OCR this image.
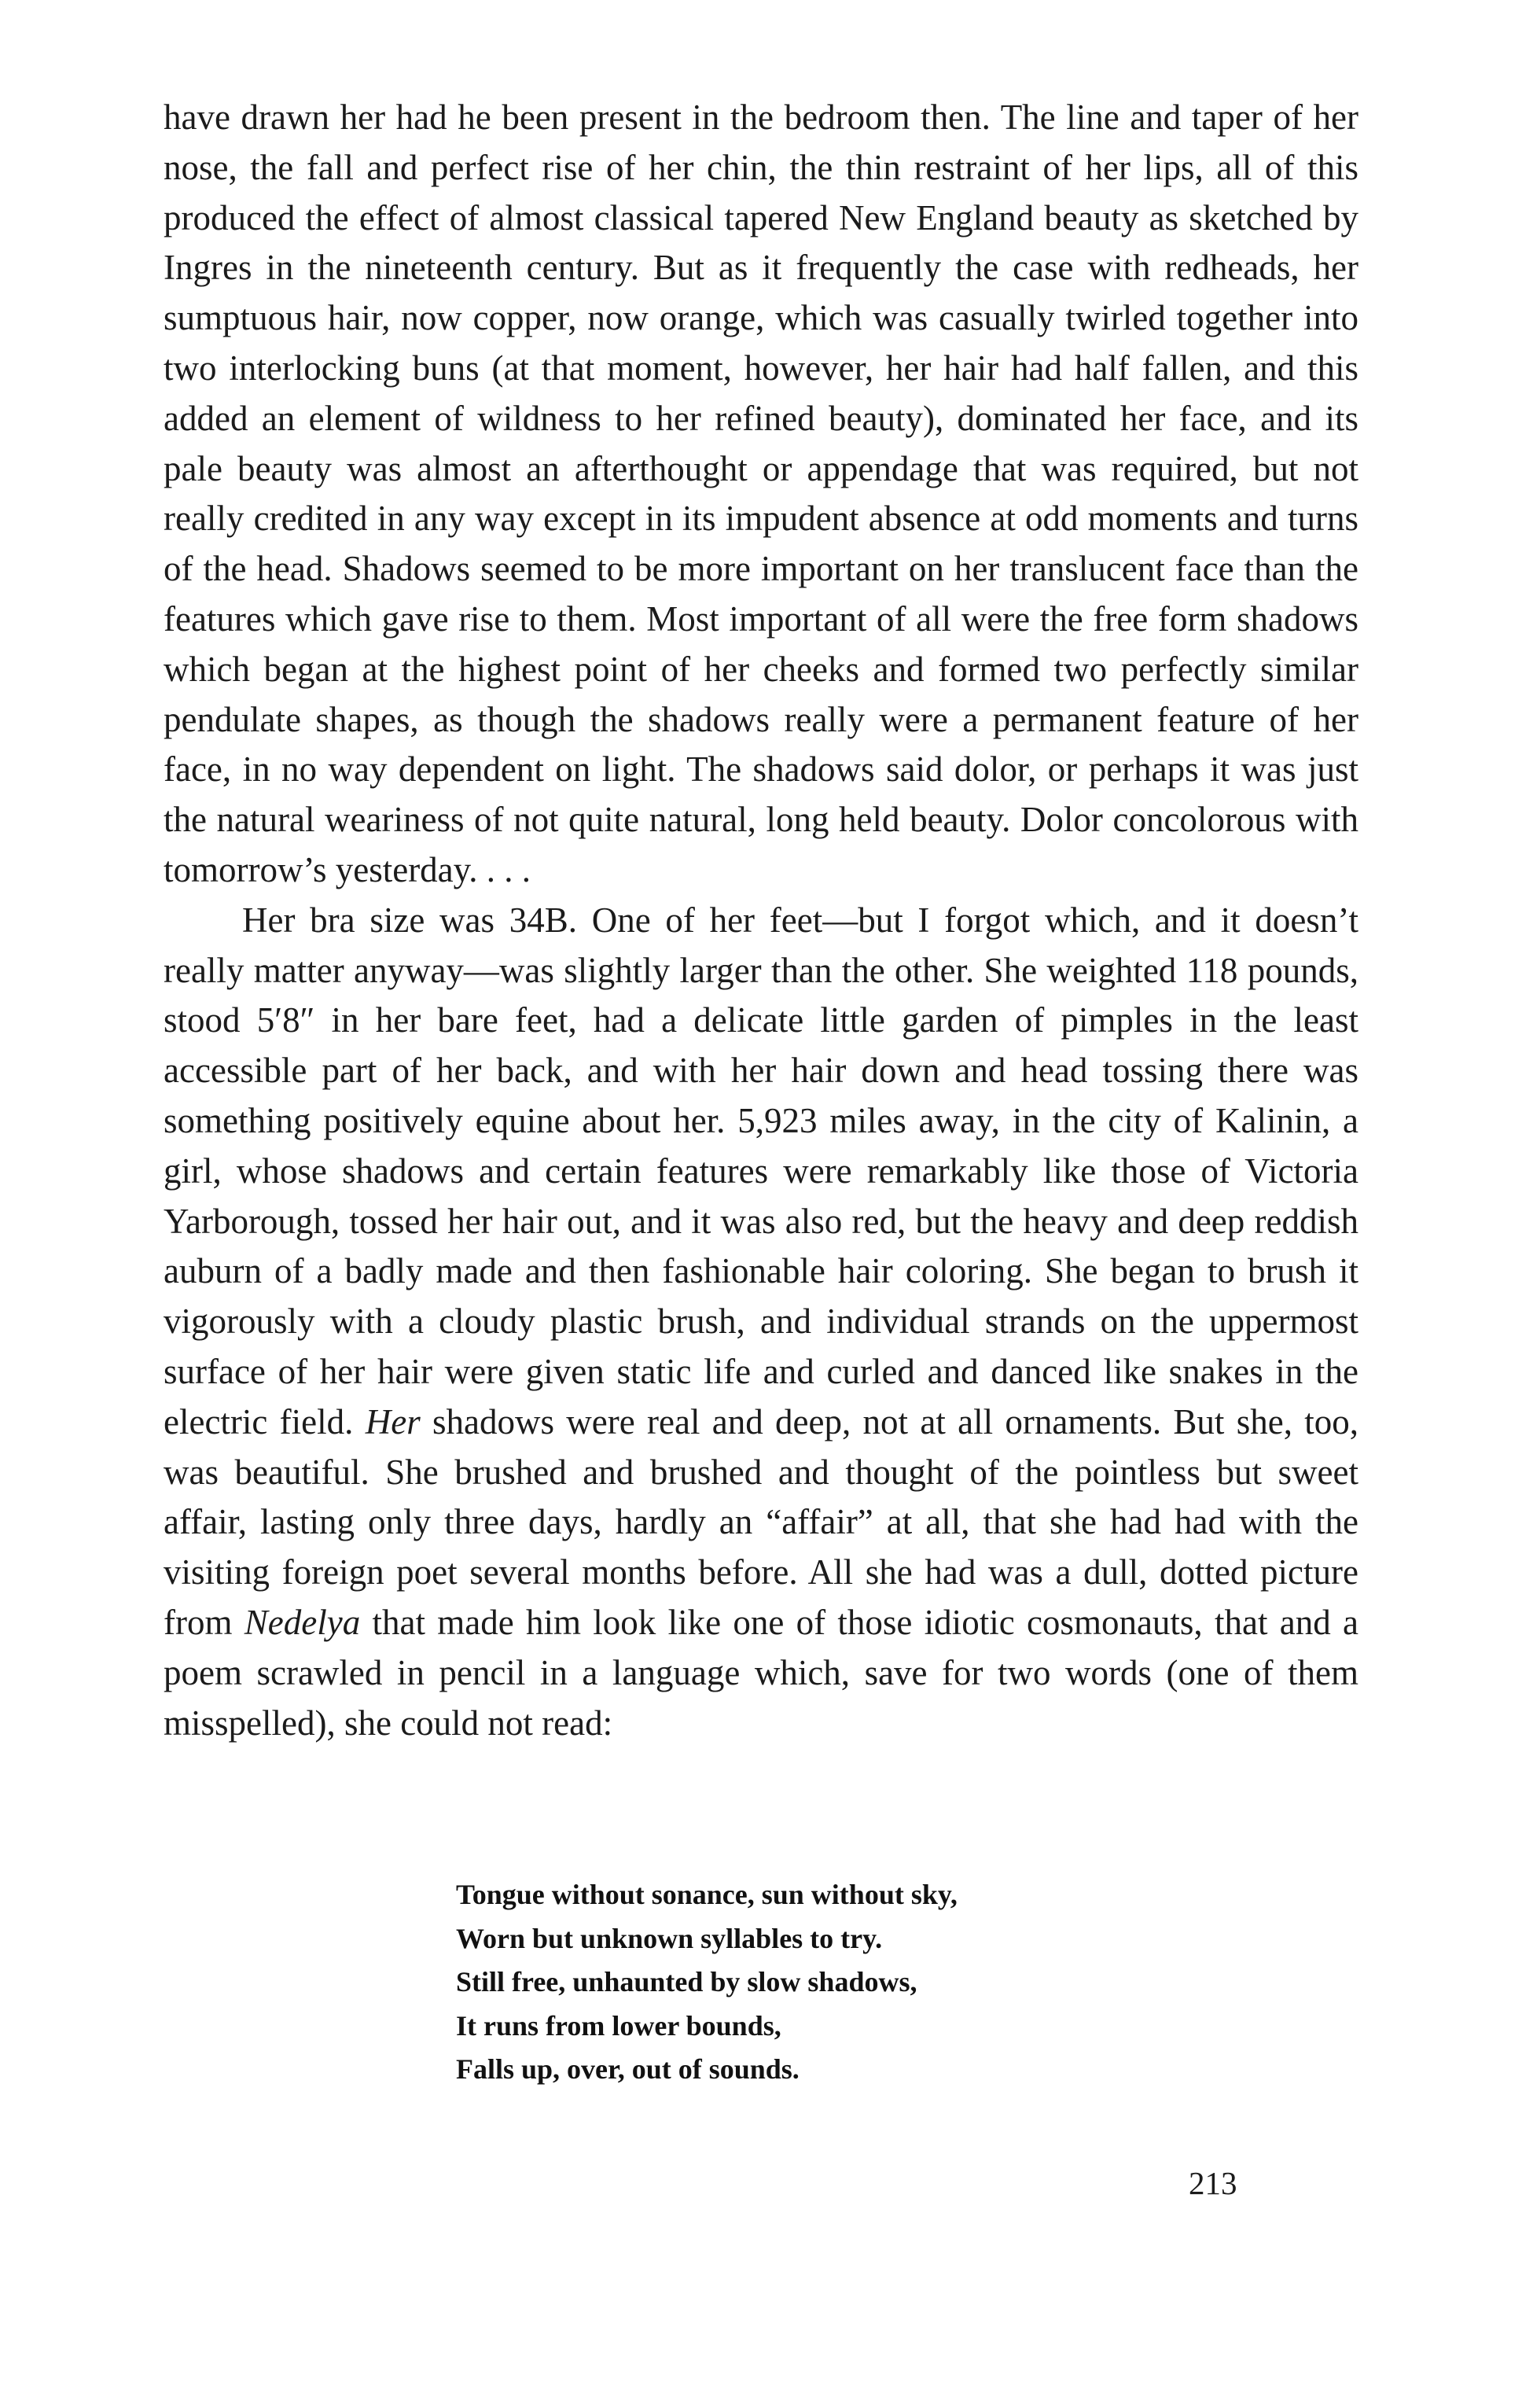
have drawn her had he been present in the bedroom then. The line and taper of her nose, the fall and perfect rise of her chin, the thin restraint of her lips, all of this produced the effect of almost classical tapered New England beauty as sketched by Ingres in the nineteenth century. But as it frequently the case with redheads, her sumptuous hair, now copper, now orange, which was casually twirled together into two interlocking buns (at that moment, however, her hair had half fallen, and this added an element of wildness to her refined beauty), dominated her face, and its pale beauty was almost an afterthought or appendage that was required, but not really credited in any way except in its impudent absence at odd moments and turns of the head. Shadows seemed to be more important on her translucent face than the features which gave rise to them. Most important of all were the free form shadows which began at the highest point of her cheeks and formed two perfectly similar pendulate shapes, as though the shadows really were a permanent feature of her face, in no way dependent on light. The shadows said dolor, or perhaps it was just the natural weariness of not quite natural, long held beauty. Dolor concolorous with tomorrow’s yesterday. . . .

Her bra size was 34B. One of her feet—but I forgot which, and it doesn’t really matter anyway—was slightly larger than the other. She weighted 118 pounds, stood 5′8″ in her bare feet, had a delicate little garden of pimples in the least accessible part of her back, and with her hair down and head tossing there was something positively equine about her. 5,923 miles away, in the city of Kalinin, a girl, whose shadows and certain features were remarkably like those of Victoria Yarborough, tossed her hair out, and it was also red, but the heavy and deep reddish auburn of a badly made and then fashionable hair coloring. She began to brush it vigorously with a cloudy plastic brush, and individual strands on the uppermost surface of her hair were given static life and curled and danced like snakes in the electric field. Her shadows were real and deep, not at all ornaments. But she, too, was beautiful. She brushed and brushed and thought of the pointless but sweet affair, lasting only three days, hardly an “affair” at all, that she had had with the visiting foreign poet several months before. All she had was a dull, dotted picture from Nedelya that made him look like one of those idiotic cosmonauts, that and a poem scrawled in pencil in a language which, save for two words (one of them misspelled), she could not read:

Tongue without sonance, sun without sky,
Worn but unknown syllables to try.
Still free, unhaunted by slow shadows,
It runs from lower bounds,
Falls up, over, out of sounds.
213
